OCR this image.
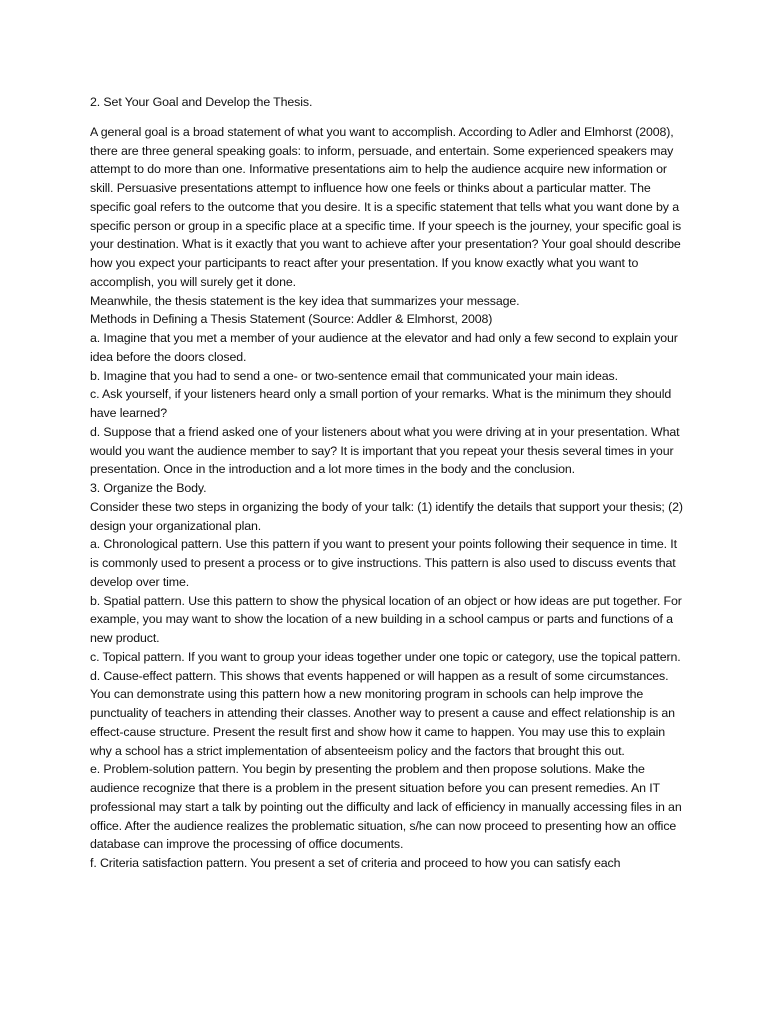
2. Set Your Goal and Develop the Thesis.

A general goal is a broad statement of what you want to accomplish. According to Adler and Elmhorst (2008), there are three general speaking goals: to inform, persuade, and entertain. Some experienced speakers may attempt to do more than one. Informative presentations aim to help the audience acquire new information or skill. Persuasive presentations attempt to influence how one feels or thinks about a particular matter. The specific goal refers to the outcome that you desire. It is a specific statement that tells what you want done by a specific person or group in a specific place at a specific time. If your speech is the journey, your specific goal is your destination. What is it exactly that you want to achieve after your presentation? Your goal should describe how you expect your participants to react after your presentation. If you know exactly what you want to accomplish, you will surely get it done.

Meanwhile, the thesis statement is the key idea that summarizes your message.

Methods in Defining a Thesis Statement (Source: Addler & Elmhorst, 2008)

a. Imagine that you met a member of your audience at the elevator and had only a few second to explain your idea before the doors closed.

b. Imagine that you had to send a one- or two-sentence email that communicated your main ideas.

c. Ask yourself, if your listeners heard only a small portion of your remarks. What is the minimum they should have learned?

d. Suppose that a friend asked one of your listeners about what you were driving at in your presentation. What would you want the audience member to say? It is important that you repeat your thesis several times in your presentation. Once in the introduction and a lot more times in the body and the conclusion.

3. Organize the Body.

Consider these two steps in organizing the body of your talk: (1) identify the details that support your thesis; (2) design your organizational plan.

a. Chronological pattern. Use this pattern if you want to present your points following their sequence in time. It is commonly used to present a process or to give instructions. This pattern is also used to discuss events that develop over time.

b. Spatial pattern. Use this pattern to show the physical location of an object or how ideas are put together. For example, you may want to show the location of a new building in a school campus or parts and functions of a new product.

c. Topical pattern. If you want to group your ideas together under one topic or category, use the topical pattern.

d. Cause-effect pattern. This shows that events happened or will happen as a result of some circumstances. You can demonstrate using this pattern how a new monitoring program in schools can help improve the punctuality of teachers in attending their classes. Another way to present a cause and effect relationship is an effect-cause structure. Present the result first and show how it came to happen. You may use this to explain why a school has a strict implementation of absenteeism policy and the factors that brought this out.

e. Problem-solution pattern. You begin by presenting the problem and then propose solutions. Make the audience recognize that there is a problem in the present situation before you can present remedies. An IT professional may start a talk by pointing out the difficulty and lack of efficiency in manually accessing files in an office. After the audience realizes the problematic situation, s/he can now proceed to presenting how an office database can improve the processing of office documents.

f. Criteria satisfaction pattern. You present a set of criteria and proceed to how you can satisfy each
